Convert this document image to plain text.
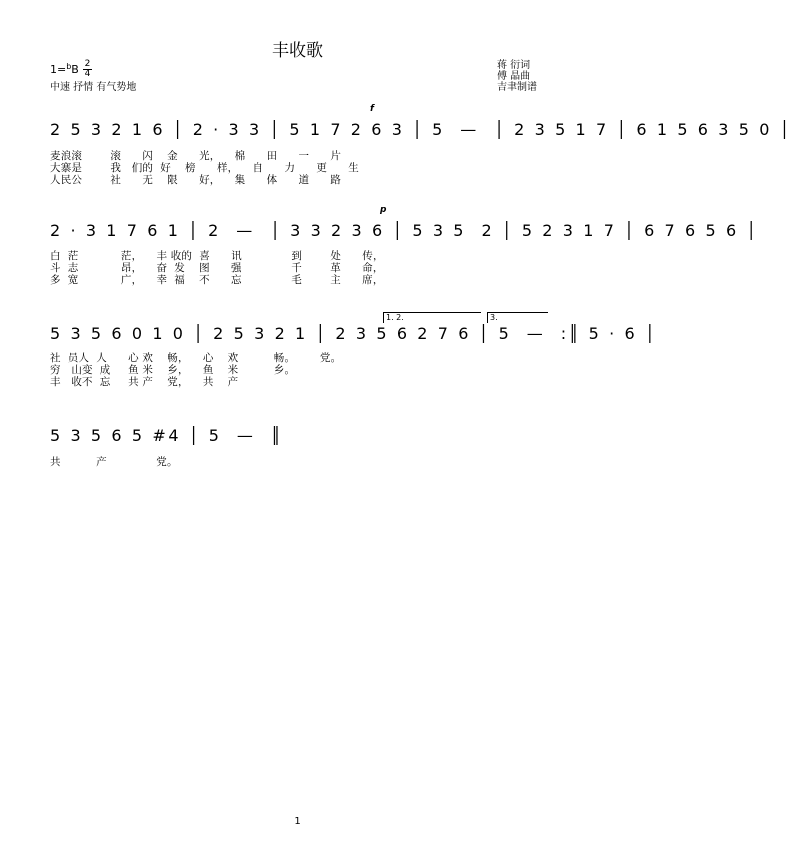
丰收歌
1=$^b$B 2
4
中速 抒情 有气势地
蒋 衍词
傅 晶曲
吉聿制谱
f
2 5 3 2 1 6 │ 2 · 3 3 │ 5 1 7 2 6 3 │ 5  —  │ 2 3 5 1 7 │ 6 1 5 6 3 5 0 │
麦浪滚        滚      闪    金      光，    棉      田      一      片
大寨是        我   们的  好    榜      样，    自      力      更      生
人民公        社      无    限      好，    集      体      道      路
p
2 · 3 1 7 6 1 │ 2  —  │ 3 3 2 3 6 │ 5 3 5  2 │ 5 2 3 1 7 │ 6 7 6 5 6 │
白  茫            茫，    丰 收的  喜      讯              到        处      传，
斗  志            昂，    奋  发    图      强              千        革      命，
多  宽            广，    幸  福    不      忘              毛        主      席，
1. 2.	3.
5 3 5 6 0 1 0 │ 2 5 3 2 1 │ 2 3 5 6 2 7 6 │ 5  —  :║ 5 · 6 │
社  员人  人      心 欢    畅，    心    欢          畅。       党。
穷   山变  成     鱼 米    乡，    鱼    米          乡。
丰   收不  忘     共 产    党，    共    产
5 3 5 6 5 #4 │ 5  —  ║
共          产              党。
1
